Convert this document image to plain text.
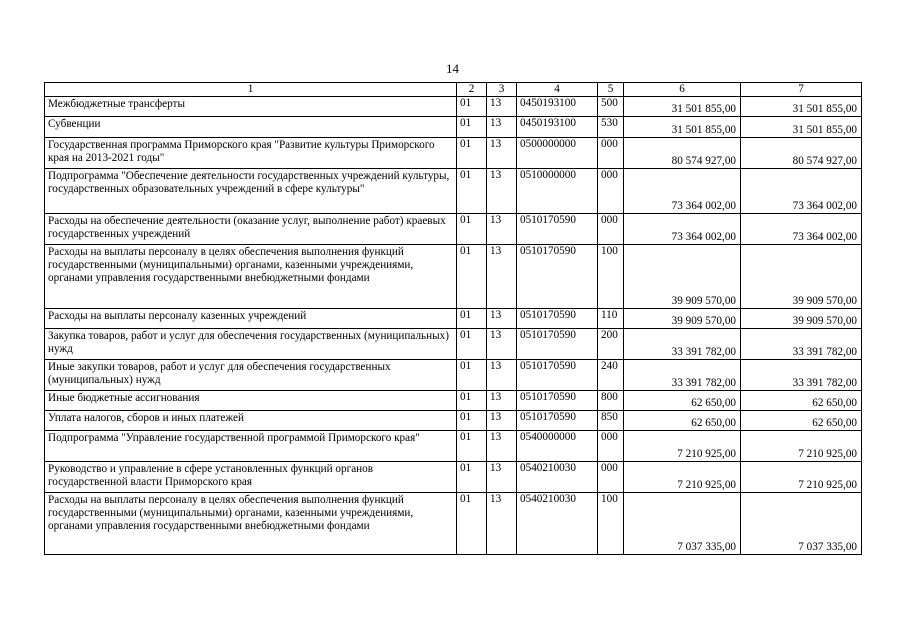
14
1	2	3	4	5	6	7
Межбюджетные трансферты	01	13	0450193100	500	31 501 855,00	31 501 855,00
Субвенции	01	13	0450193100	530	31 501 855,00	31 501 855,00
Государственная программа Приморского края "Развитие культуры Приморского края на 2013-2021 годы"	01	13	0500000000	000	80 574 927,00	80 574 927,00
Подпрограмма "Обеспечение деятельности государственных учреждений культуры, государственных образовательных учреждений в сфере культуры"	01	13	0510000000	000	73 364 002,00	73 364 002,00
Расходы на обеспечение деятельности (оказание услуг, выполнение работ) краевых государственных учреждений	01	13	0510170590	000	73 364 002,00	73 364 002,00
Расходы на выплаты персоналу в целях обеспечения выполнения функций государственными (муниципальными) органами, казенными учреждениями, органами управления государственными внебюджетными фондами	01	13	0510170590	100	39 909 570,00	39 909 570,00
Расходы на выплаты персоналу казенных учреждений	01	13	0510170590	110	39 909 570,00	39 909 570,00
Закупка товаров, работ и услуг для обеспечения государственных (муниципальных) нужд	01	13	0510170590	200	33 391 782,00	33 391 782,00
Иные закупки товаров, работ и услуг для обеспечения государственных (муниципальных) нужд	01	13	0510170590	240	33 391 782,00	33 391 782,00
Иные бюджетные ассигнования	01	13	0510170590	800	62 650,00	62 650,00
Уплата налогов, сборов и иных платежей	01	13	0510170590	850	62 650,00	62 650,00
Подпрограмма "Управление государственной программой Приморского края"	01	13	0540000000	000	7 210 925,00	7 210 925,00
Руководство и управление в сфере установленных функций органов государственной власти Приморского края	01	13	0540210030	000	7 210 925,00	7 210 925,00
Расходы на выплаты персоналу в целях обеспечения выполнения функций государственными (муниципальными) органами, казенными учреждениями, органами управления государственными внебюджетными фондами	01	13	0540210030	100	7 037 335,00	7 037 335,00
